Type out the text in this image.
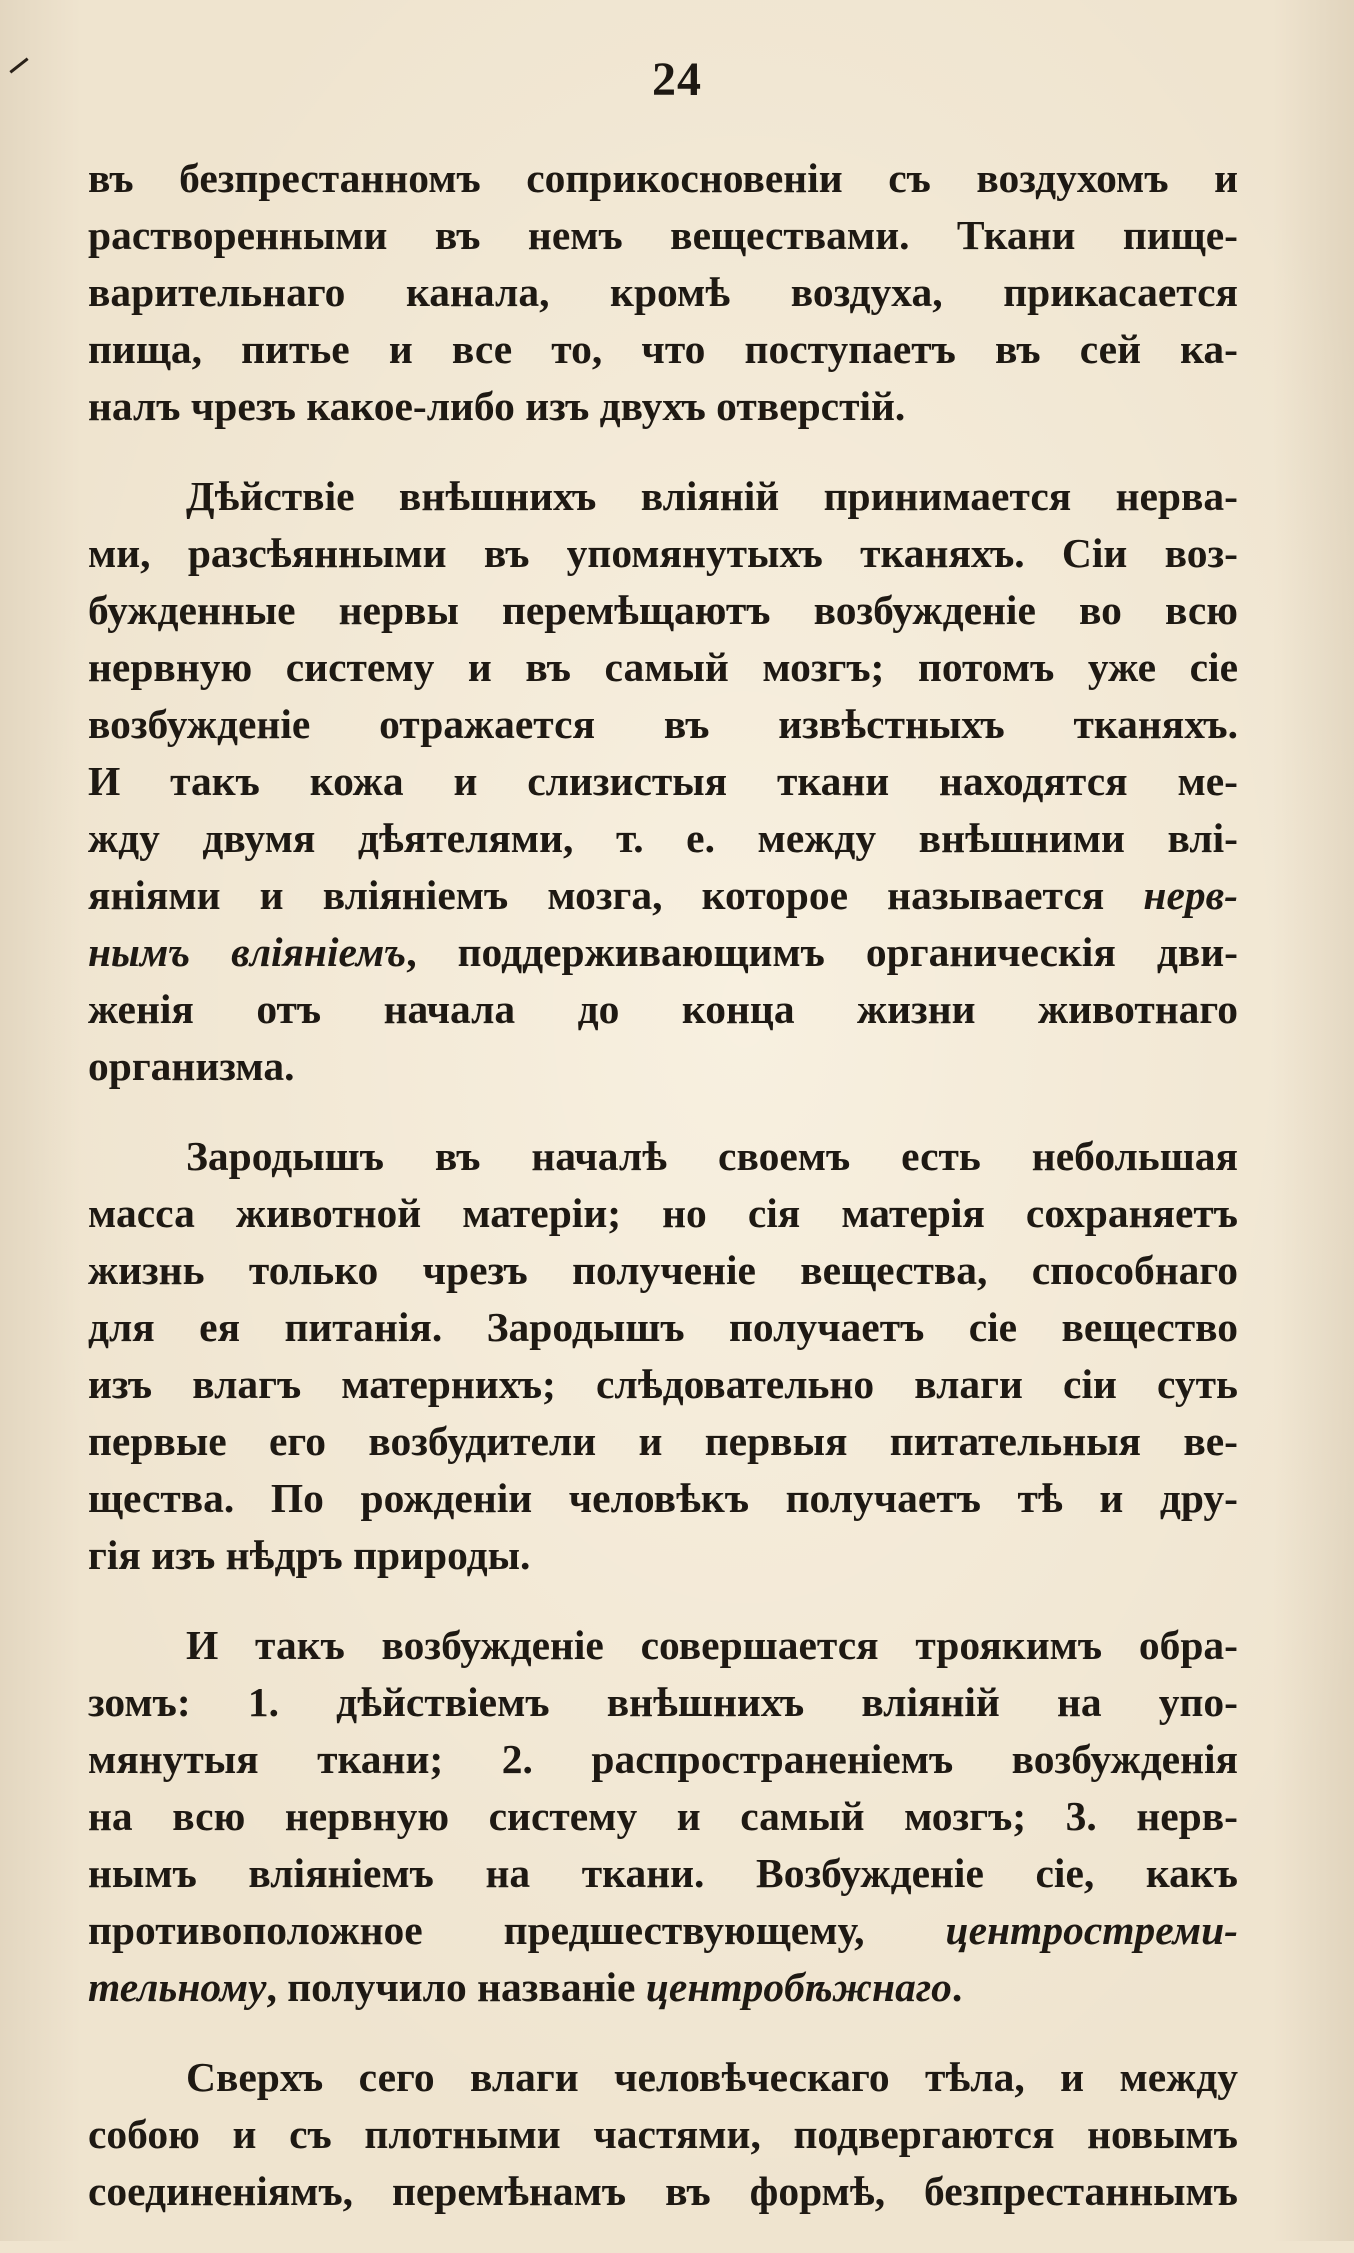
24
въ безпрестанномъ соприкосновеніи съ воздухомъ и
растворенными въ немъ веществами. Ткани пище-
варительнаго канала, кромѣ воздуха, прикасается
пища, питье и все то, что поступаетъ въ сей ка-
налъ чрезъ какое-либо изъ двухъ отверстій.
Дѣйствіе внѣшнихъ вліяній принимается нерва-
ми, разсѣянными въ упомянутыхъ тканяхъ. Сіи воз-
бужденные нервы перемѣщаютъ возбужденіе во всю
нервную систему и въ самый мозгъ; потомъ уже сіе
возбужденіе отражается въ извѣстныхъ тканяхъ.
И такъ кожа и слизистыя ткани находятся ме-
жду двумя дѣятелями, т. е. между внѣшними влі-
яніями и вліяніемъ мозга, которое называется нерв-
нымъ вліяніемъ, поддерживающимъ органическія дви-
женія отъ начала до конца жизни животнаго
организма.
Зародышъ въ началѣ своемъ есть небольшая
масса животной матеріи; но сія матерія сохраняетъ
жизнь только чрезъ полученіе вещества, способнаго
для ея питанія. Зародышъ получаетъ сіе вещество
изъ влагъ матернихъ; слѣдовательно влаги сіи суть
первые его возбудители и первыя питательныя ве-
щества. По рожденіи человѣкъ получаетъ тѣ и дру-
гія изъ нѣдръ природы.
И такъ возбужденіе совершается троякимъ обра-
зомъ: 1. дѣйствіемъ внѣшнихъ вліяній на упо-
мянутыя ткани; 2. распространеніемъ возбужденія
на всю нервную систему и самый мозгъ; 3. нерв-
нымъ вліяніемъ на ткани. Возбужденіе сіе, какъ
противоположное предшествующему, центростреми-
тельному, получило названіе центробѣжнаго.
Сверхъ сего влаги человѣческаго тѣла, и между
собою и съ плотными частями, подвергаются новымъ
соединеніямъ, перемѣнамъ въ формѣ, безпрестаннымъ
